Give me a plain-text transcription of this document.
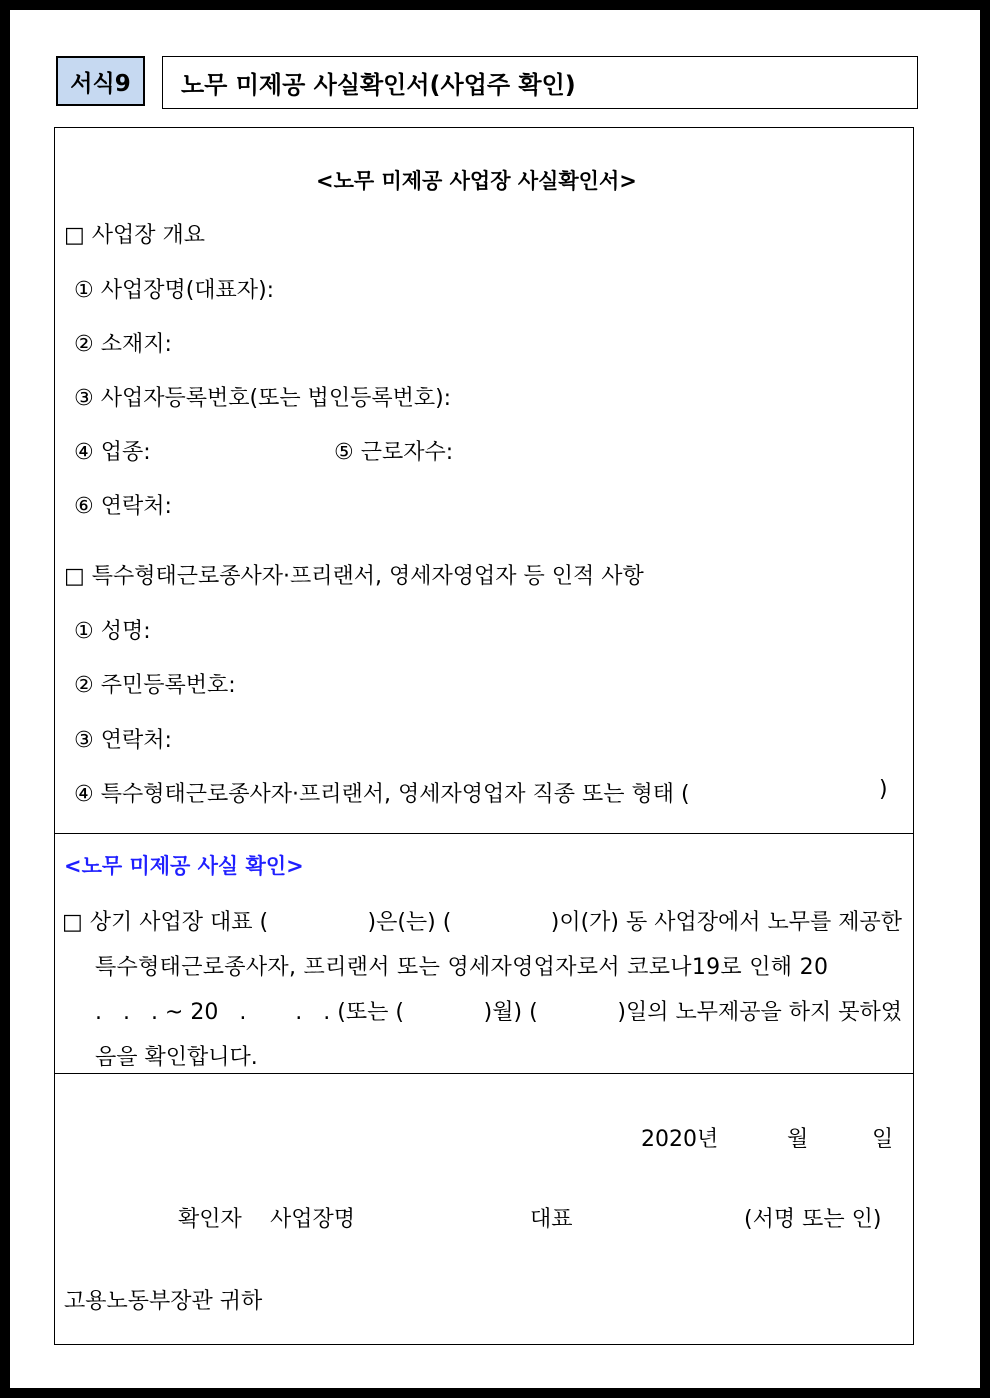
서식9	노무 미제공 사실확인서(사업주 확인)
<노무 미제공 사업장 사실확인서>
□ 사업장 개요
① 사업장명(대표자):
② 소재지:
③ 사업자등록번호(또는 법인등록번호):
④ 업종:	⑤ 근로자수:
⑥ 연락처:
□ 특수형태근로종사자·프리랜서, 영세자영업자 등 인적 사항
① 성명:
② 주민등록번호:
③ 연락처:
④ 특수형태근로종사자·프리랜서, 영세자영업자 직종 또는 형태 (	)
<노무 미제공 사실 확인>
□ 상기 사업장 대표 (	)은(는) (	)이(가) 동 사업장에서 노무를 제공한
특수형태근로종사자, 프리랜서 또는 영세자영업자로서 코로나19로 인해 20
.   .   . ~ 20   .       .   . (또는 (	)월) (	)일의 노무제공을 하지 못하였
음을 확인합니다.
2020년	월	일
확인자 사업장명	대표	(서명 또는 인)
고용노동부장관 귀하
